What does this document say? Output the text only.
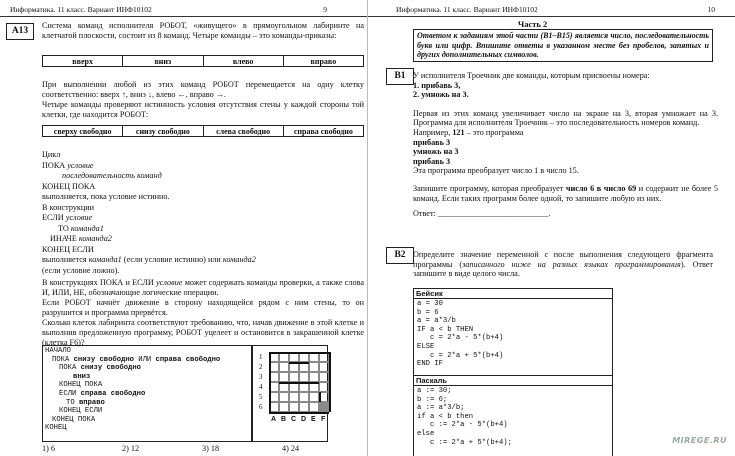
Информатика. 11 класс. Вариант ИНФ10102	9
A13
Система команд исполнителя РОБОТ, «живущего» в прямоугольном лабиринте на клетчатой плоскости, состоит из 8 команд. Четыре команды – это команды-приказы:
вверх	вниз	влево	вправо
При выполнении любой из этих команд РОБОТ перемещается на одну клетку соответственно: вверх ↑, вниз ↓, влево ←, вправо →.
Четыре команды проверяют истинность условия отсутствия стены у каждой стороны той клетки, где находится РОБОТ:
сверху свободно	снизу свободно	слева свободно	справа свободно
Цикл
ПОКА условие
последовательность команд
КОНЕЦ ПОКА
выполняется, пока условие истинно.
В конструкции
ЕСЛИ условие
ТО команда1
ИНАЧЕ команда2
КОНЕЦ ЕСЛИ
выполняется команда1 (если условие истинно) или команда2
(если условие ложно).
В конструкциях ПОКА и ЕСЛИ условие может содержать команды проверки, а также слова И, ИЛИ, НЕ, обозначающие логические операции.
Если РОБОТ начнёт движение в сторону находящейся рядом с ним стены, то он разрушится и программа прервётся.
Сколько клеток лабиринта соответствуют требованию, что, начав движение в этой клетке и выполнив предложенную программу, РОБОТ уцелеет и остановится в закрашенной клетке (клетка F6)?
НАЧАЛО
ПОКА снизу свободно ИЛИ справа свободно
ПОКА снизу свободно
вниз
КОНЕЦ ПОКА
ЕСЛИ справа свободно
ТО вправо
КОНЕЦ ЕСЛИ
КОНЕЦ ПОКА
КОНЕЦ
1
2
3
4
5
6
A B C D E F
1) 6	2) 12	3) 18	4) 24
Информатика. 11 класс. Вариант ИНФ10102	10
Часть 2
Ответом к заданиям этой части (В1–В15) является число, последовательность букв или цифр. Впишите ответы в указанном месте без пробелов, запятых и других дополнительных символов.
B1 У исполнителя Троечник две команды, которым присвоены номера:
1. прибавь 3,
2. умножь на 3.
Первая из этих команд увеличивает число на экране на 3, вторая умножает на 3. Программа для исполнителя Троечник – это последовательность номеров команд.
Например, 121 – это программа
прибавь 3
умножь на 3
прибавь 3
Эта программа преобразует число 1 в число 15.
Запишите программу, которая преобразует число 6 в число 69 и содержит не более 5 команд. Если таких программ более одной, то запишите любую из них.
Ответ: ___________________________.
B2 Определите значение переменной c после выполнения следующего фрагмента программы (записанного ниже на разных языках программирования). Ответ запишите в виде целого числа.
Бейсик
a = 30
b = 6
a = a*3/b
IF a < b THEN
c = 2*a - 5*(b+4)
ELSE
c = 2*a + 5*(b+4)
END IF
Паскаль
a := 30;
b := 6;
a := a*3/b;
if a < b then
c := 2*a - 5*(b+4)
else
c := 2*a + 5*(b+4);	MIREGE.RU
